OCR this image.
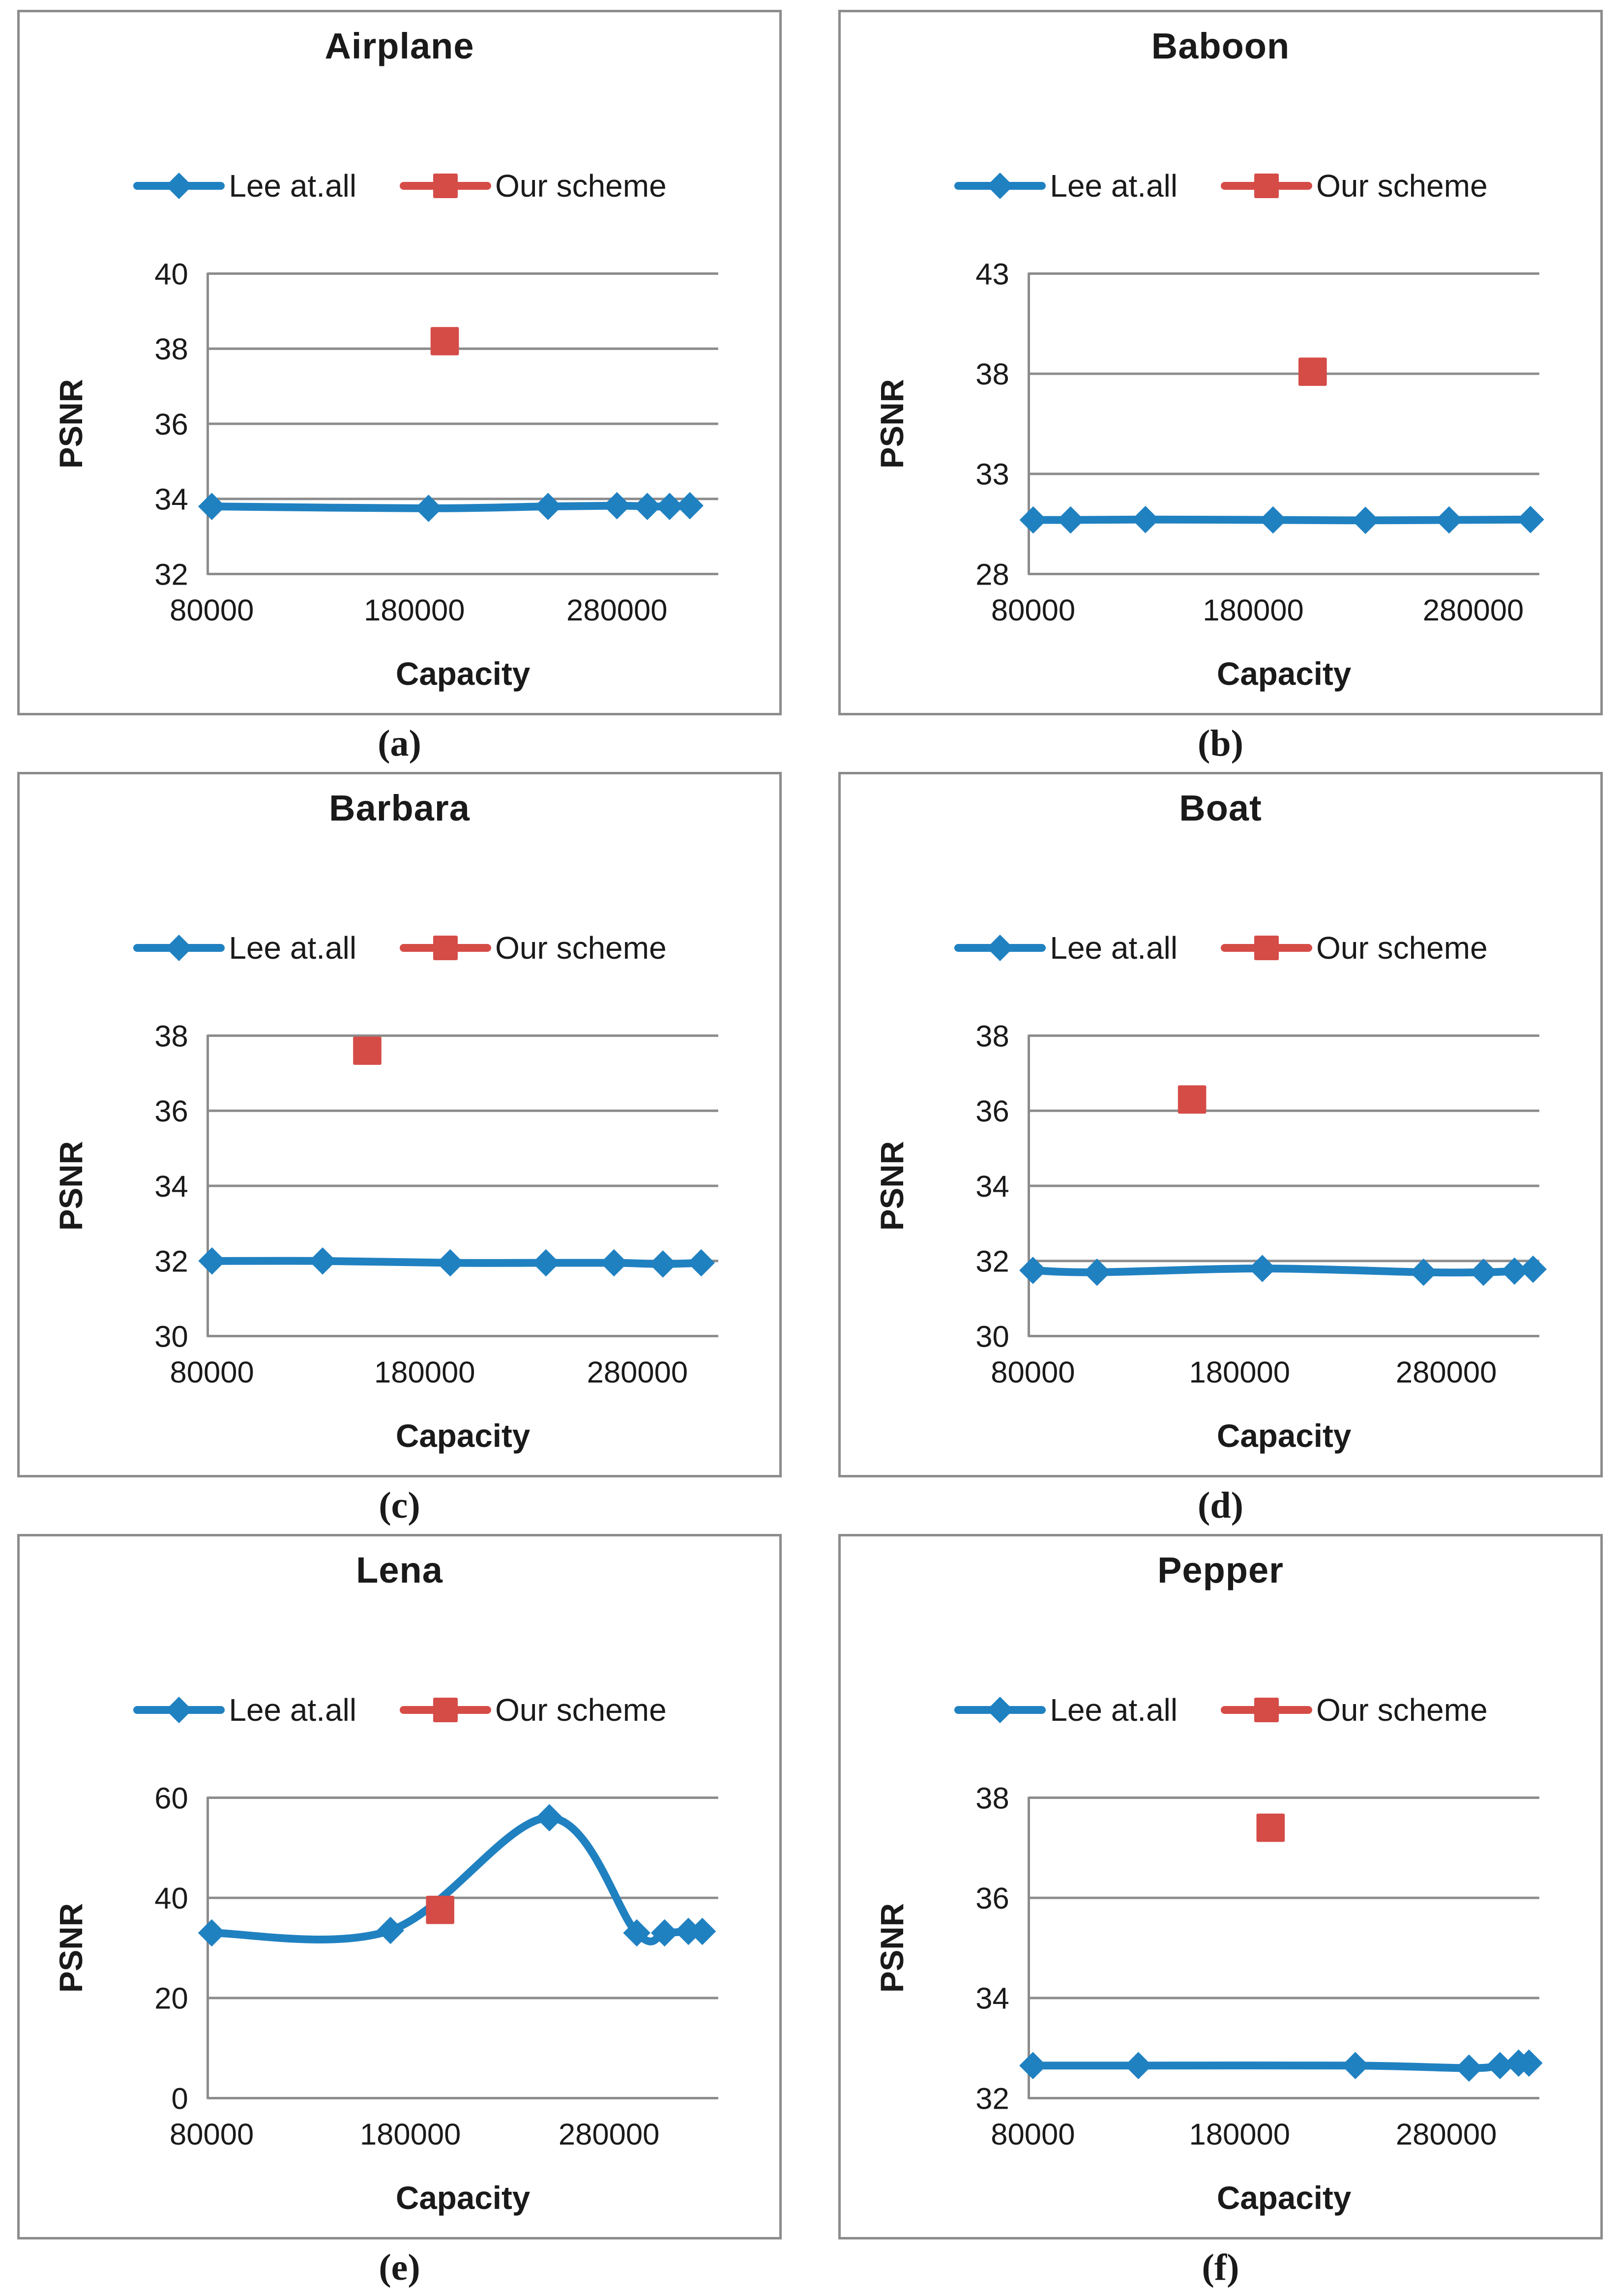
Airplane
Lee at.all	Our scheme
32
34
36
38
40
80000	180000	280000
Capacity
PSNR
(a)
Baboon
Lee at.all	Our scheme
28
33
38
43
80000	180000	280000
Capacity
PSNR
(b)
Barbara
Lee at.all	Our scheme
30
32
34
36
38
80000	180000	280000
Capacity
PSNR
(c)
Boat
Lee at.all	Our scheme
30
32
34
36
38
80000	180000	280000
Capacity
PSNR
(d)
Lena
Lee at.all	Our scheme
0
20
40
60
80000	180000	280000
Capacity
PSNR
(e)
Pepper
Lee at.all	Our scheme
32
34
36
38
80000	180000	280000
Capacity
PSNR
(f)
